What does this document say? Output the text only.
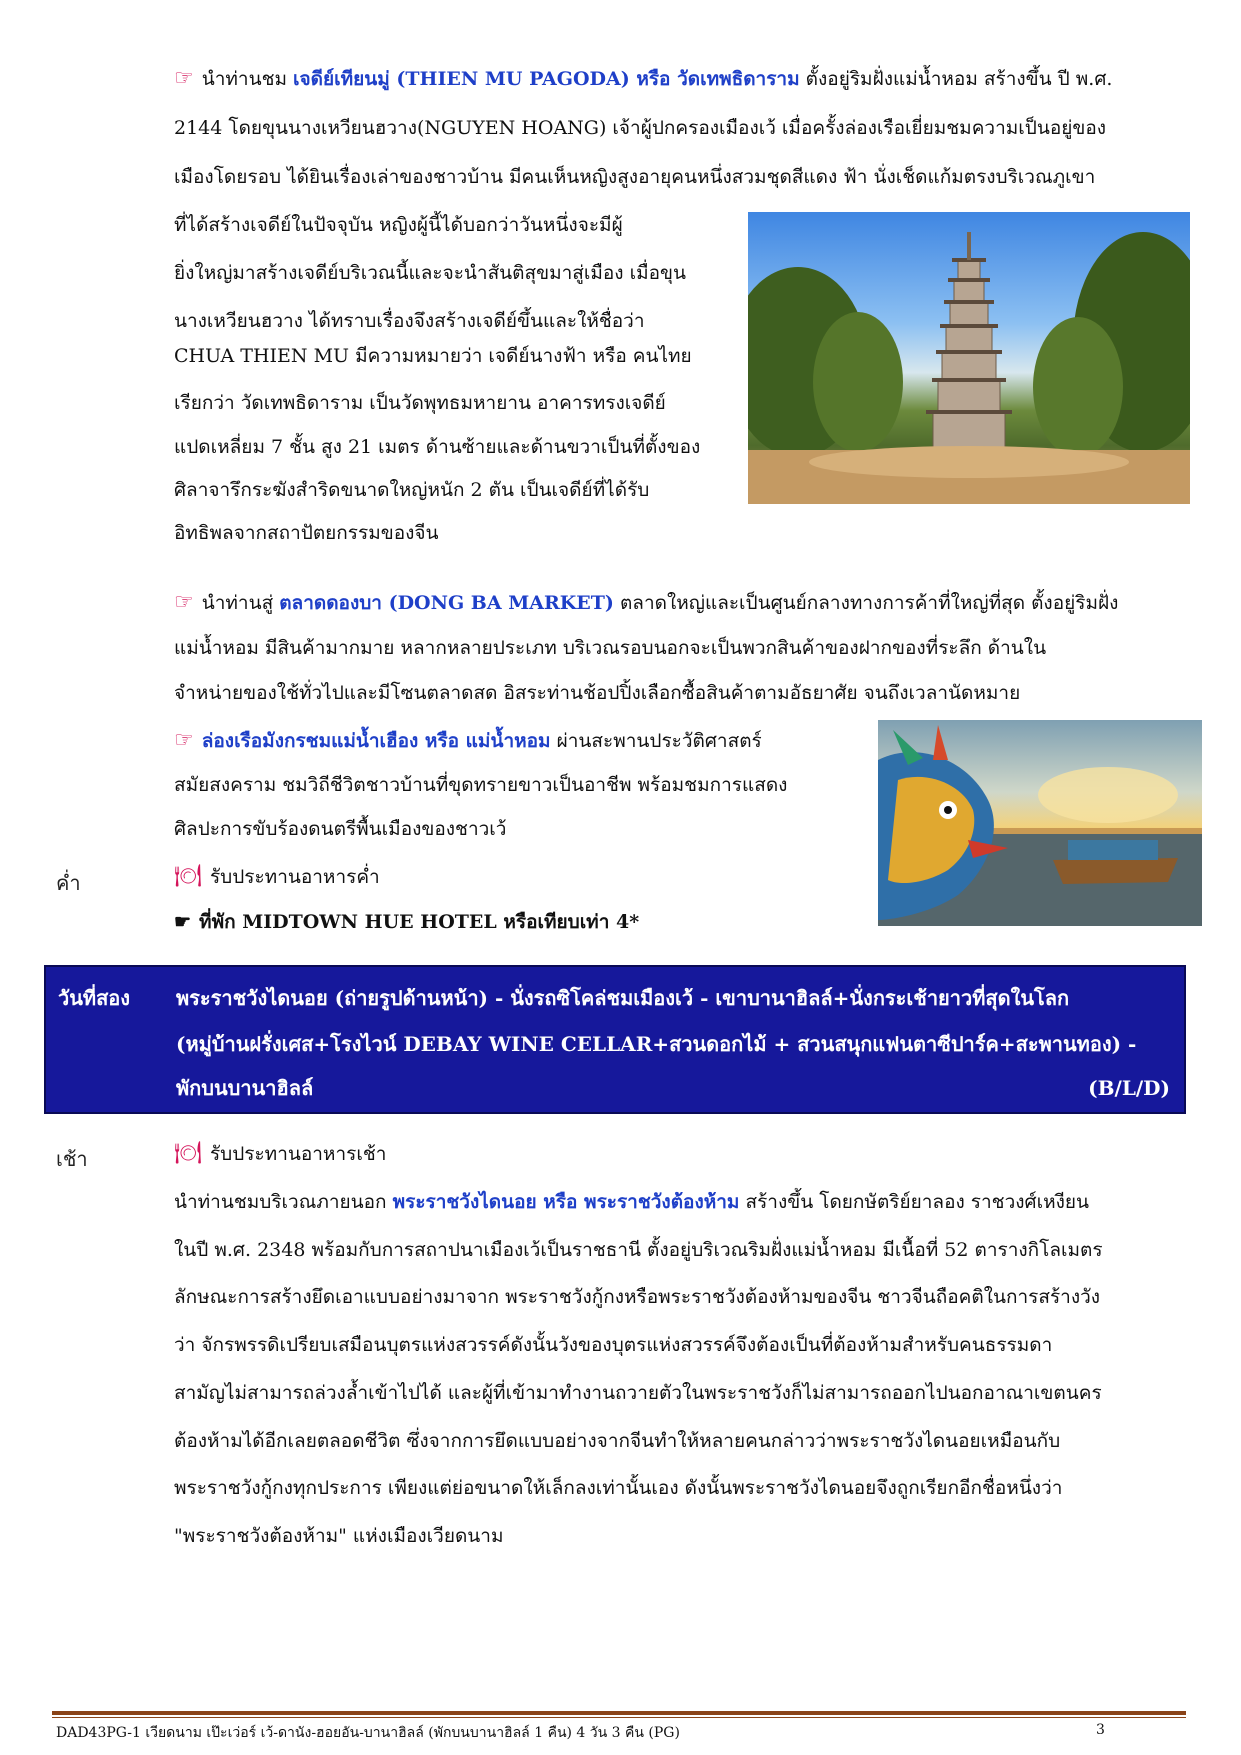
☞ นำท่านชม เจดีย์เทียนมู่ (THIEN MU PAGODA) หรือ วัดเทพธิดาราม ตั้งอยู่ริมฝั่งแม่น้ำหอม สร้างขึ้น ปี พ.ศ.
2144 โดยขุนนางเหวียนฮวาง(NGUYEN HOANG) เจ้าผู้ปกครองเมืองเว้ เมื่อครั้งล่องเรือเยี่ยมชมความเป็นอยู่ของ
เมืองโดยรอบ ได้ยินเรื่องเล่าของชาวบ้าน มีคนเห็นหญิงสูงอายุคนหนึ่งสวมชุดสีแดง ฟ้า นั่งเช็ดแก้มตรงบริเวณภูเขา
ที่ได้สร้างเจดีย์ในปัจจุบัน หญิงผู้นี้ได้บอกว่าวันหนึ่งจะมีผู้
ยิ่งใหญ่มาสร้างเจดีย์บริเวณนี้และจะนำสันติสุขมาสู่เมือง เมื่อขุน
นางเหวียนฮวาง ได้ทราบเรื่องจึงสร้างเจดีย์ขึ้นและให้ชื่อว่า
CHUA THIEN MU มีความหมายว่า เจดีย์นางฟ้า หรือ คนไทย
เรียกว่า วัดเทพธิดาราม เป็นวัดพุทธมหายาน อาคารทรงเจดีย์
แปดเหลี่ยม 7 ชั้น สูง 21 เมตร ด้านซ้ายและด้านขวาเป็นที่ตั้งของ
ศิลาจารึกระฆังสำริดขนาดใหญ่หนัก 2 ตัน เป็นเจดีย์ที่ได้รับ
อิทธิพลจากสถาปัตยกรรมของจีน
☞ นำท่านสู่ ตลาดดองบา (DONG BA MARKET) ตลาดใหญ่และเป็นศูนย์กลางทางการค้าที่ใหญ่ที่สุด ตั้งอยู่ริมฝั่ง
แม่น้ำหอม มีสินค้ามากมาย หลากหลายประเภท บริเวณรอบนอกจะเป็นพวกสินค้าของฝากของที่ระลึก ด้านใน
จำหน่ายของใช้ทั่วไปและมีโซนตลาดสด อิสระท่านช้อปปิ้งเลือกซื้อสินค้าตามอัธยาศัย จนถึงเวลานัดหมาย
☞ ล่องเรือมังกรชมแม่น้ำเฮือง หรือ แม่น้ำหอม ผ่านสะพานประวัติศาสตร์
สมัยสงคราม ชมวิถีชีวิตชาวบ้านที่ขุดทรายขาวเป็นอาชีพ พร้อมชมการแสดง
ศิลปะการขับร้องดนตรีพื้นเมืองของชาวเว้
ค่ำ	🍽 รับประทานอาหารค่ำ
☛ ที่พัก MIDTOWN HUE HOTEL หรือเทียบเท่า 4*
วันที่สอง พระราชวังไดนอย (ถ่ายรูปด้านหน้า) - นั่งรถซิโคล่ชมเมืองเว้ - เขาบานาฮิลล์+นั่งกระเช้ายาวที่สุดในโลก
(หมู่บ้านฝรั่งเศส+โรงไวน์ DEBAY WINE CELLAR+สวนดอกไม้ + สวนสนุกแฟนตาซีปาร์ค+สะพานทอง) -
พักบนบานาฮิลล์	(B/L/D)
เช้า	🍽 รับประทานอาหารเช้า
นำท่านชมบริเวณภายนอก พระราชวังไดนอย หรือ พระราชวังต้องห้าม สร้างขึ้น โดยกษัตริย์ยาลอง ราชวงศ์เหงียน
ในปี พ.ศ. 2348 พร้อมกับการสถาปนาเมืองเว้เป็นราชธานี ตั้งอยู่บริเวณริมฝั่งแม่น้ำหอม มีเนื้อที่ 52 ตารางกิโลเมตร
ลักษณะการสร้างยึดเอาแบบอย่างมาจาก พระราชวังกู้กงหรือพระราชวังต้องห้ามของจีน ชาวจีนถือคติในการสร้างวัง
ว่า จักรพรรดิเปรียบเสมือนบุตรแห่งสวรรค์ดังนั้นวังของบุตรแห่งสวรรค์จึงต้องเป็นที่ต้องห้ามสำหรับคนธรรมดา
สามัญไม่สามารถล่วงล้ำเข้าไปได้ และผู้ที่เข้ามาทำงานถวายตัวในพระราชวังก็ไม่สามารถออกไปนอกอาณาเขตนคร
ต้องห้ามได้อีกเลยตลอดชีวิต ซึ่งจากการยึดแบบอย่างจากจีนทำให้หลายคนกล่าวว่าพระราชวังไดนอยเหมือนกับ
พระราชวังกู้กงทุกประการ เพียงแต่ย่อขนาดให้เล็กลงเท่านั้นเอง ดังนั้นพระราชวังไดนอยจึงถูกเรียกอีกชื่อหนึ่งว่า
"พระราชวังต้องห้าม" แห่งเมืองเวียดนาม
DAD43PG-1 เวียดนาม เป๊ะเว่อร์ เว้-ดานัง-ฮอยอัน-บานาฮิลล์ (พักบนบานาฮิลล์ 1 คืน) 4 วัน 3 คืน (PG)	3
